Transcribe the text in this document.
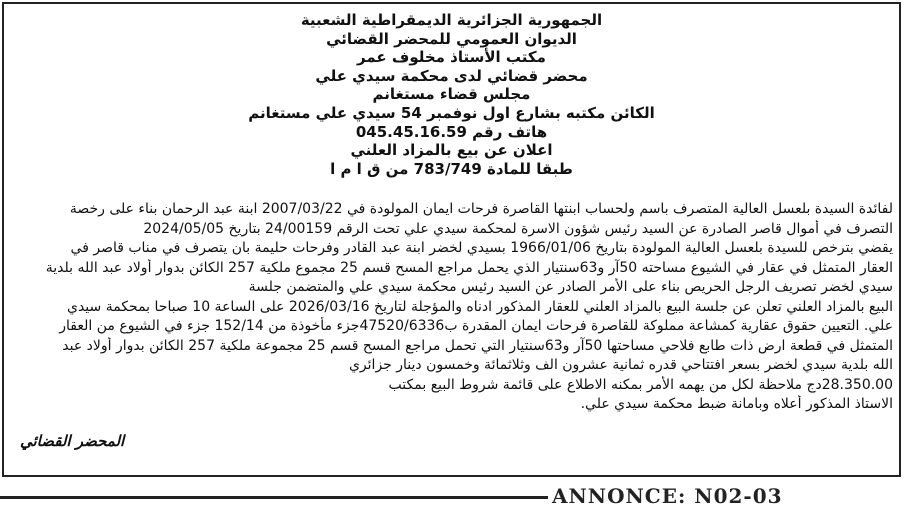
الجمهورية الجزائرية الديمقراطية الشعبية
الديوان العمومي للمحضر القضائي
مكتب الأستاذ مخلوف عمر
محضر قضائي لدى محكمة سيدي علي
مجلس قضاء مستغانم
الكائن مكتبه بشارع اول نوفمبر 54 سيدي علي مستغانم
هاتف رقم 045.45.16.59
اعلان عن بيع بالمزاد العلني
طبقا للمادة 783/749 من ق ا م ا

لفائدة السيدة بلعسل العالية المتصرف باسم ولحساب ابنتها القاصرة فرحات ايمان المولودة في 2007/03/22 ابنة عبد الرحمان بناء على رخصة

التصرف في أموال قاصر الصادرة عن السيد رئيس شؤون الاسرة لمحكمة سيدي علي تحت الرقم 24/00159 بتاريخ 2024/05/05

يقضي بترخص للسيدة بلعسل العالية المولودة بتاريخ 1966/01/06 بسيدي لخضر ابنة عبد القادر وفرحات حليمة بان يتصرف في مناب قاصر في

العقار المتمثل في عقار في الشيوع مساحته 50آر و63سنتيار الذي يحمل مراجع المسح قسم 25 مجموع ملكية 257 الكائن بدوار أولاد عبد الله بلدية

سيدي لخضر تصريف الرجل الحريص بناء على الأمر الصادر عن السيد رئيس محكمة سيدي علي والمتضمن جلسة

البيع بالمزاد العلني تعلن عن جلسة البيع بالمزاد العلني للعقار المذكور ادناه والمؤجلة لتاريخ 2026/03/16 على الساعة 10 صباحا بمحكمة سيدي

علي. التعيين حقوق عقارية كمشاعة مملوكة للقاصرة فرحات ايمان المقدرة ب47520/6336جزء مأخوذة من 152/14 جزء في الشيوع من العقار

المتمثل في قطعة ارض ذات طابع فلاحي مساحتها 50آر و63سنتيار التي تحمل مراجع المسح قسم 25 مجموعة ملكية 257 الكائن بدوار أولاد عبد

الله بلدية سيدي لخضر بسعر افتتاحي قدره ثمانية عشرون الف وثلاثمائة وخمسون دينار جزائري

28.350.00دج ملاحظة لكل من يهمه الأمر بمكنه الاطلاع على قائمة شروط البيع بمكتب

الاستاذ المذكور أعلاه وبامانة ضبط محكمة سيدي علي.

المحضر القضائي
ANNONCE: N02-03
